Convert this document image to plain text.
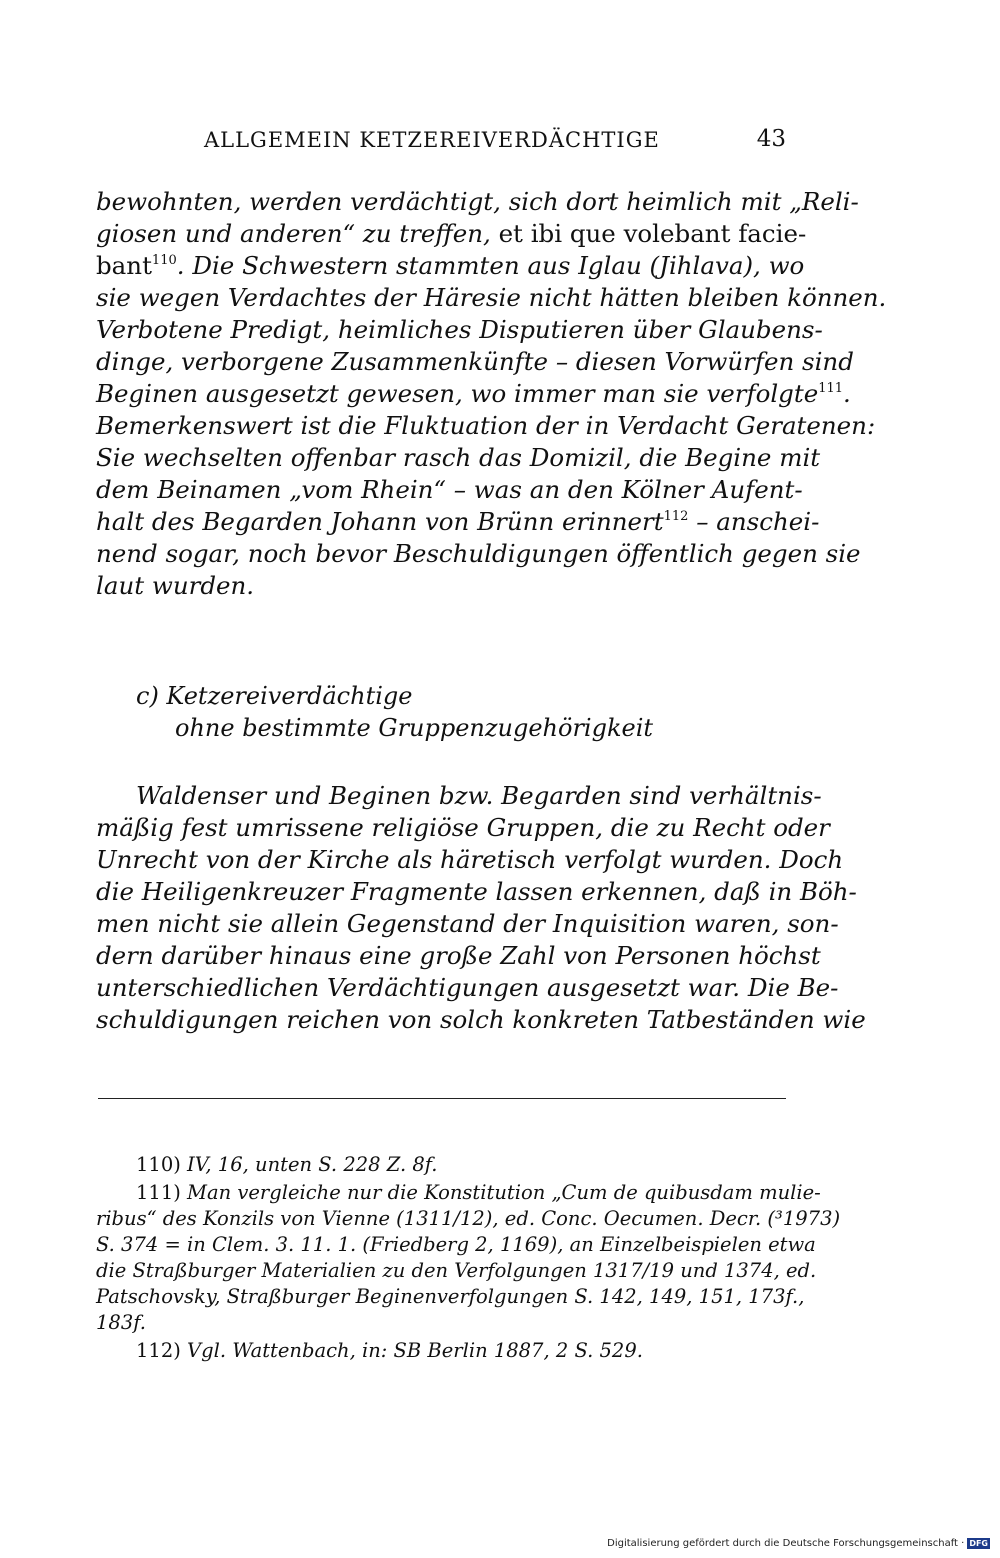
ALLGEMEIN KETZEREIVERDÄCHTIGE	43
bewohnten, werden verdächtigt, sich dort heimlich mit „Reli-
giosen und anderen“ zu treffen, et ibi que volebant facie-
bant$^{110}$. Die Schwestern stammten aus Iglau (Jihlava), wo
sie wegen Verdachtes der Häresie nicht hätten bleiben können.
Verbotene Predigt, heimliches Disputieren über Glaubens-
dinge, verborgene Zusammenkünfte – diesen Vorwürfen sind
Beginen ausgesetzt gewesen, wo immer man sie verfolgte$^{111}$.
Bemerkenswert ist die Fluktuation der in Verdacht Geratenen:
Sie wechselten offenbar rasch das Domizil, die Begine mit
dem Beinamen „vom Rhein“ – was an den Kölner Aufent-
halt des Begarden Johann von Brünn erinnert$^{112}$ – anschei-
nend sogar, noch bevor Beschuldigungen öffentlich gegen sie
laut wurden.
c) Ketzereiverdächtige
ohne bestimmte Gruppenzugehörigkeit
Waldenser und Beginen bzw. Begarden sind verhältnis-
mäßig fest umrissene religiöse Gruppen, die zu Recht oder
Unrecht von der Kirche als häretisch verfolgt wurden. Doch
die Heiligenkreuzer Fragmente lassen erkennen, daß in Böh-
men nicht sie allein Gegenstand der Inquisition waren, son-
dern darüber hinaus eine große Zahl von Personen höchst
unterschiedlichen Verdächtigungen ausgesetzt war. Die Be-
schuldigungen reichen von solch konkreten Tatbeständen wie
110) IV, 16, unten S. 228 Z. 8f.
111) Man vergleiche nur die Konstitution „Cum de quibusdam mulie-
ribus“ des Konzils von Vienne (1311/12), ed. Conc. Oecumen. Decr. (³1973)
S. 374 = in Clem. 3. 11. 1. (Friedberg 2, 1169), an Einzelbeispielen etwa
die Straßburger Materialien zu den Verfolgungen 1317/19 und 1374, ed.
Patschovsky, Straßburger Beginenverfolgungen S. 142, 149, 151, 173f.,
183f.
112) Vgl. Wattenbach, in: SB Berlin 1887, 2 S. 529.
Digitalisierung gefördert durch die Deutsche Forschungsgemeinschaft · DFG
